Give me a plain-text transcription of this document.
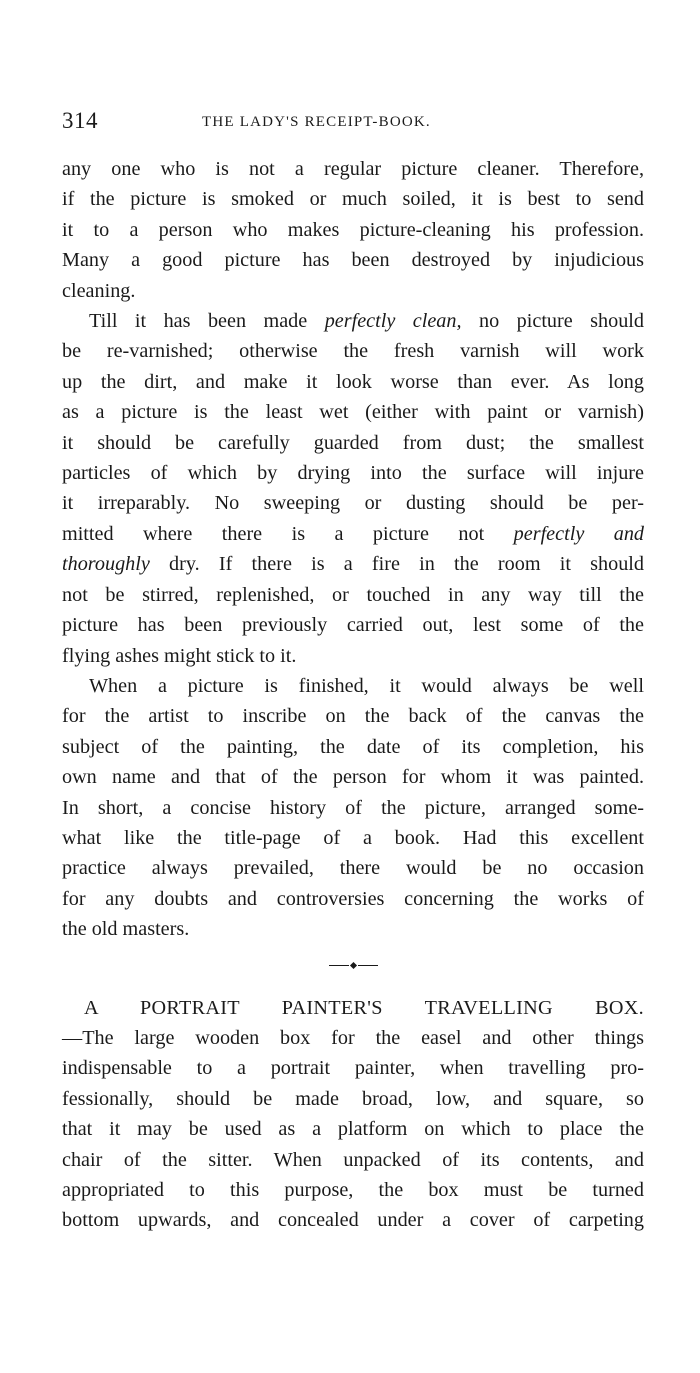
314	THE LADY'S RECEIPT-BOOK.

any one who is not a regular picture cleaner. Therefore,
if the picture is smoked or much soiled, it is best to send
it to a person who makes picture-cleaning his profession.
Many a good picture has been destroyed by injudicious
cleaning.

Till it has been made perfectly clean, no picture should
be re-varnished; otherwise the fresh varnish will work
up the dirt, and make it look worse than ever. As long
as a picture is the least wet (either with paint or varnish)
it should be carefully guarded from dust; the smallest
particles of which by drying into the surface will injure
it irreparably. No sweeping or dusting should be per-
mitted where there is a picture not perfectly and
thoroughly dry. If there is a fire in the room it should
not be stirred, replenished, or touched in any way till the
picture has been previously carried out, lest some of the
flying ashes might stick to it.

When a picture is finished, it would always be well
for the artist to inscribe on the back of the canvas the
subject of the painting, the date of its completion, his
own name and that of the person for whom it was painted.
In short, a concise history of the picture, arranged some-
what like the title-page of a book. Had this excellent
practice always prevailed, there would be no occasion
for any doubts and controversies concerning the works of
the old masters.

A PORTRAIT PAINTER'S TRAVELLING BOX.
—The large wooden box for the easel and other things
indispensable to a portrait painter, when travelling pro-
fessionally, should be made broad, low, and square, so
that it may be used as a platform on which to place the
chair of the sitter. When unpacked of its contents, and
appropriated to this purpose, the box must be turned
bottom upwards, and concealed under a cover of carpeting
